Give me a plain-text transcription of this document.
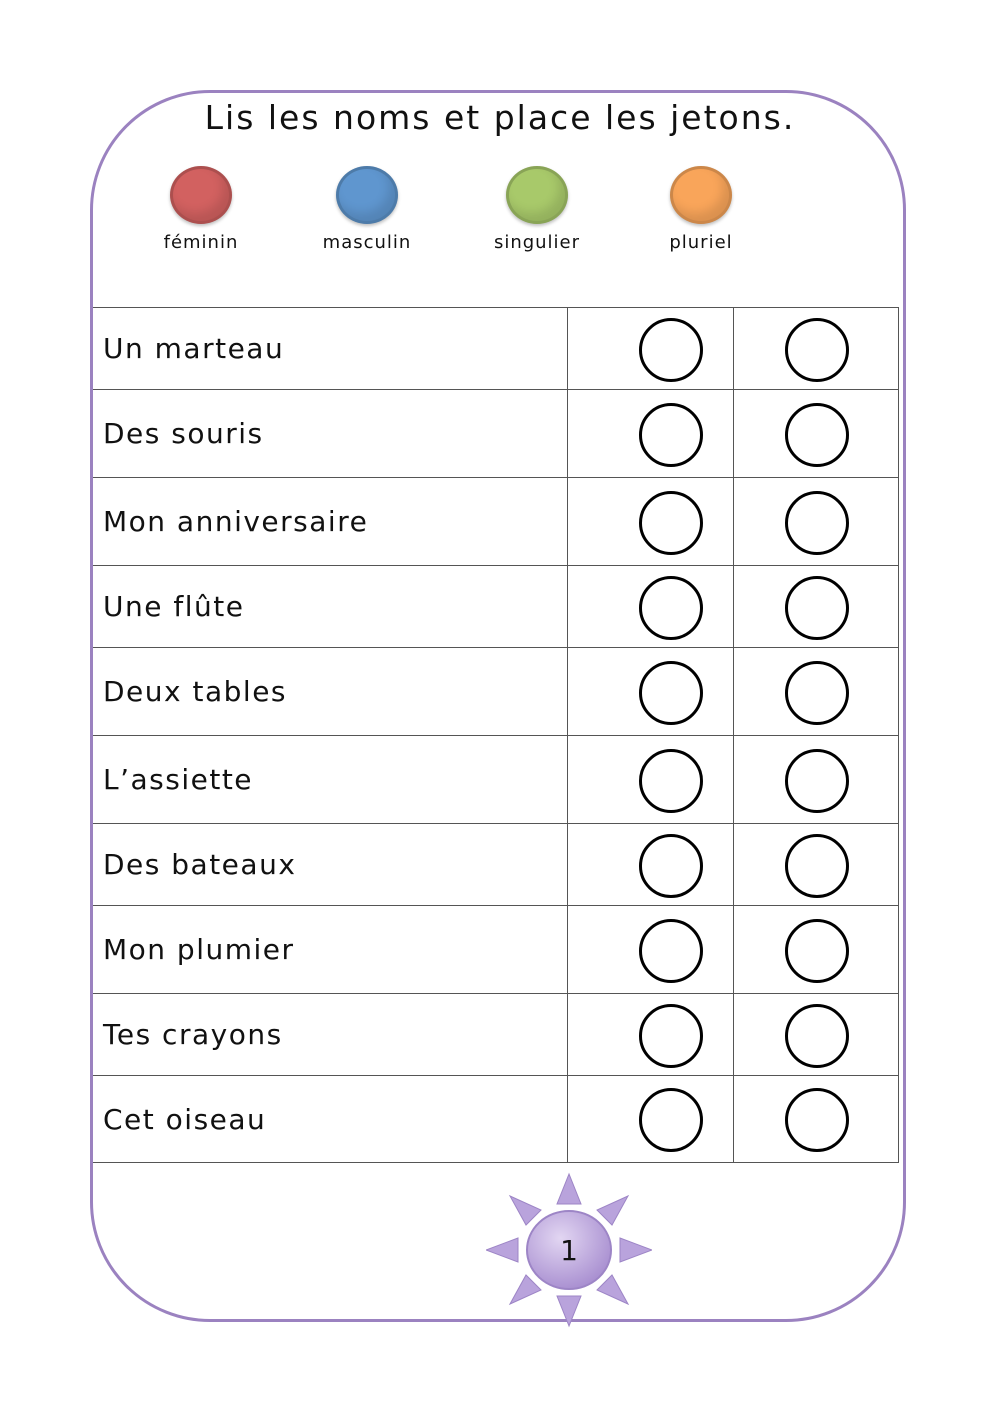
Lis les noms et place les jetons.
féminin	masculin	singulier	pluriel
Un marteau	

Des souris	

Mon anniversaire	

Une flûte	

Deux tables	

L’assiette	

Des bateaux	

Mon plumier	

Tes crayons	

Cet oiseau	

1
